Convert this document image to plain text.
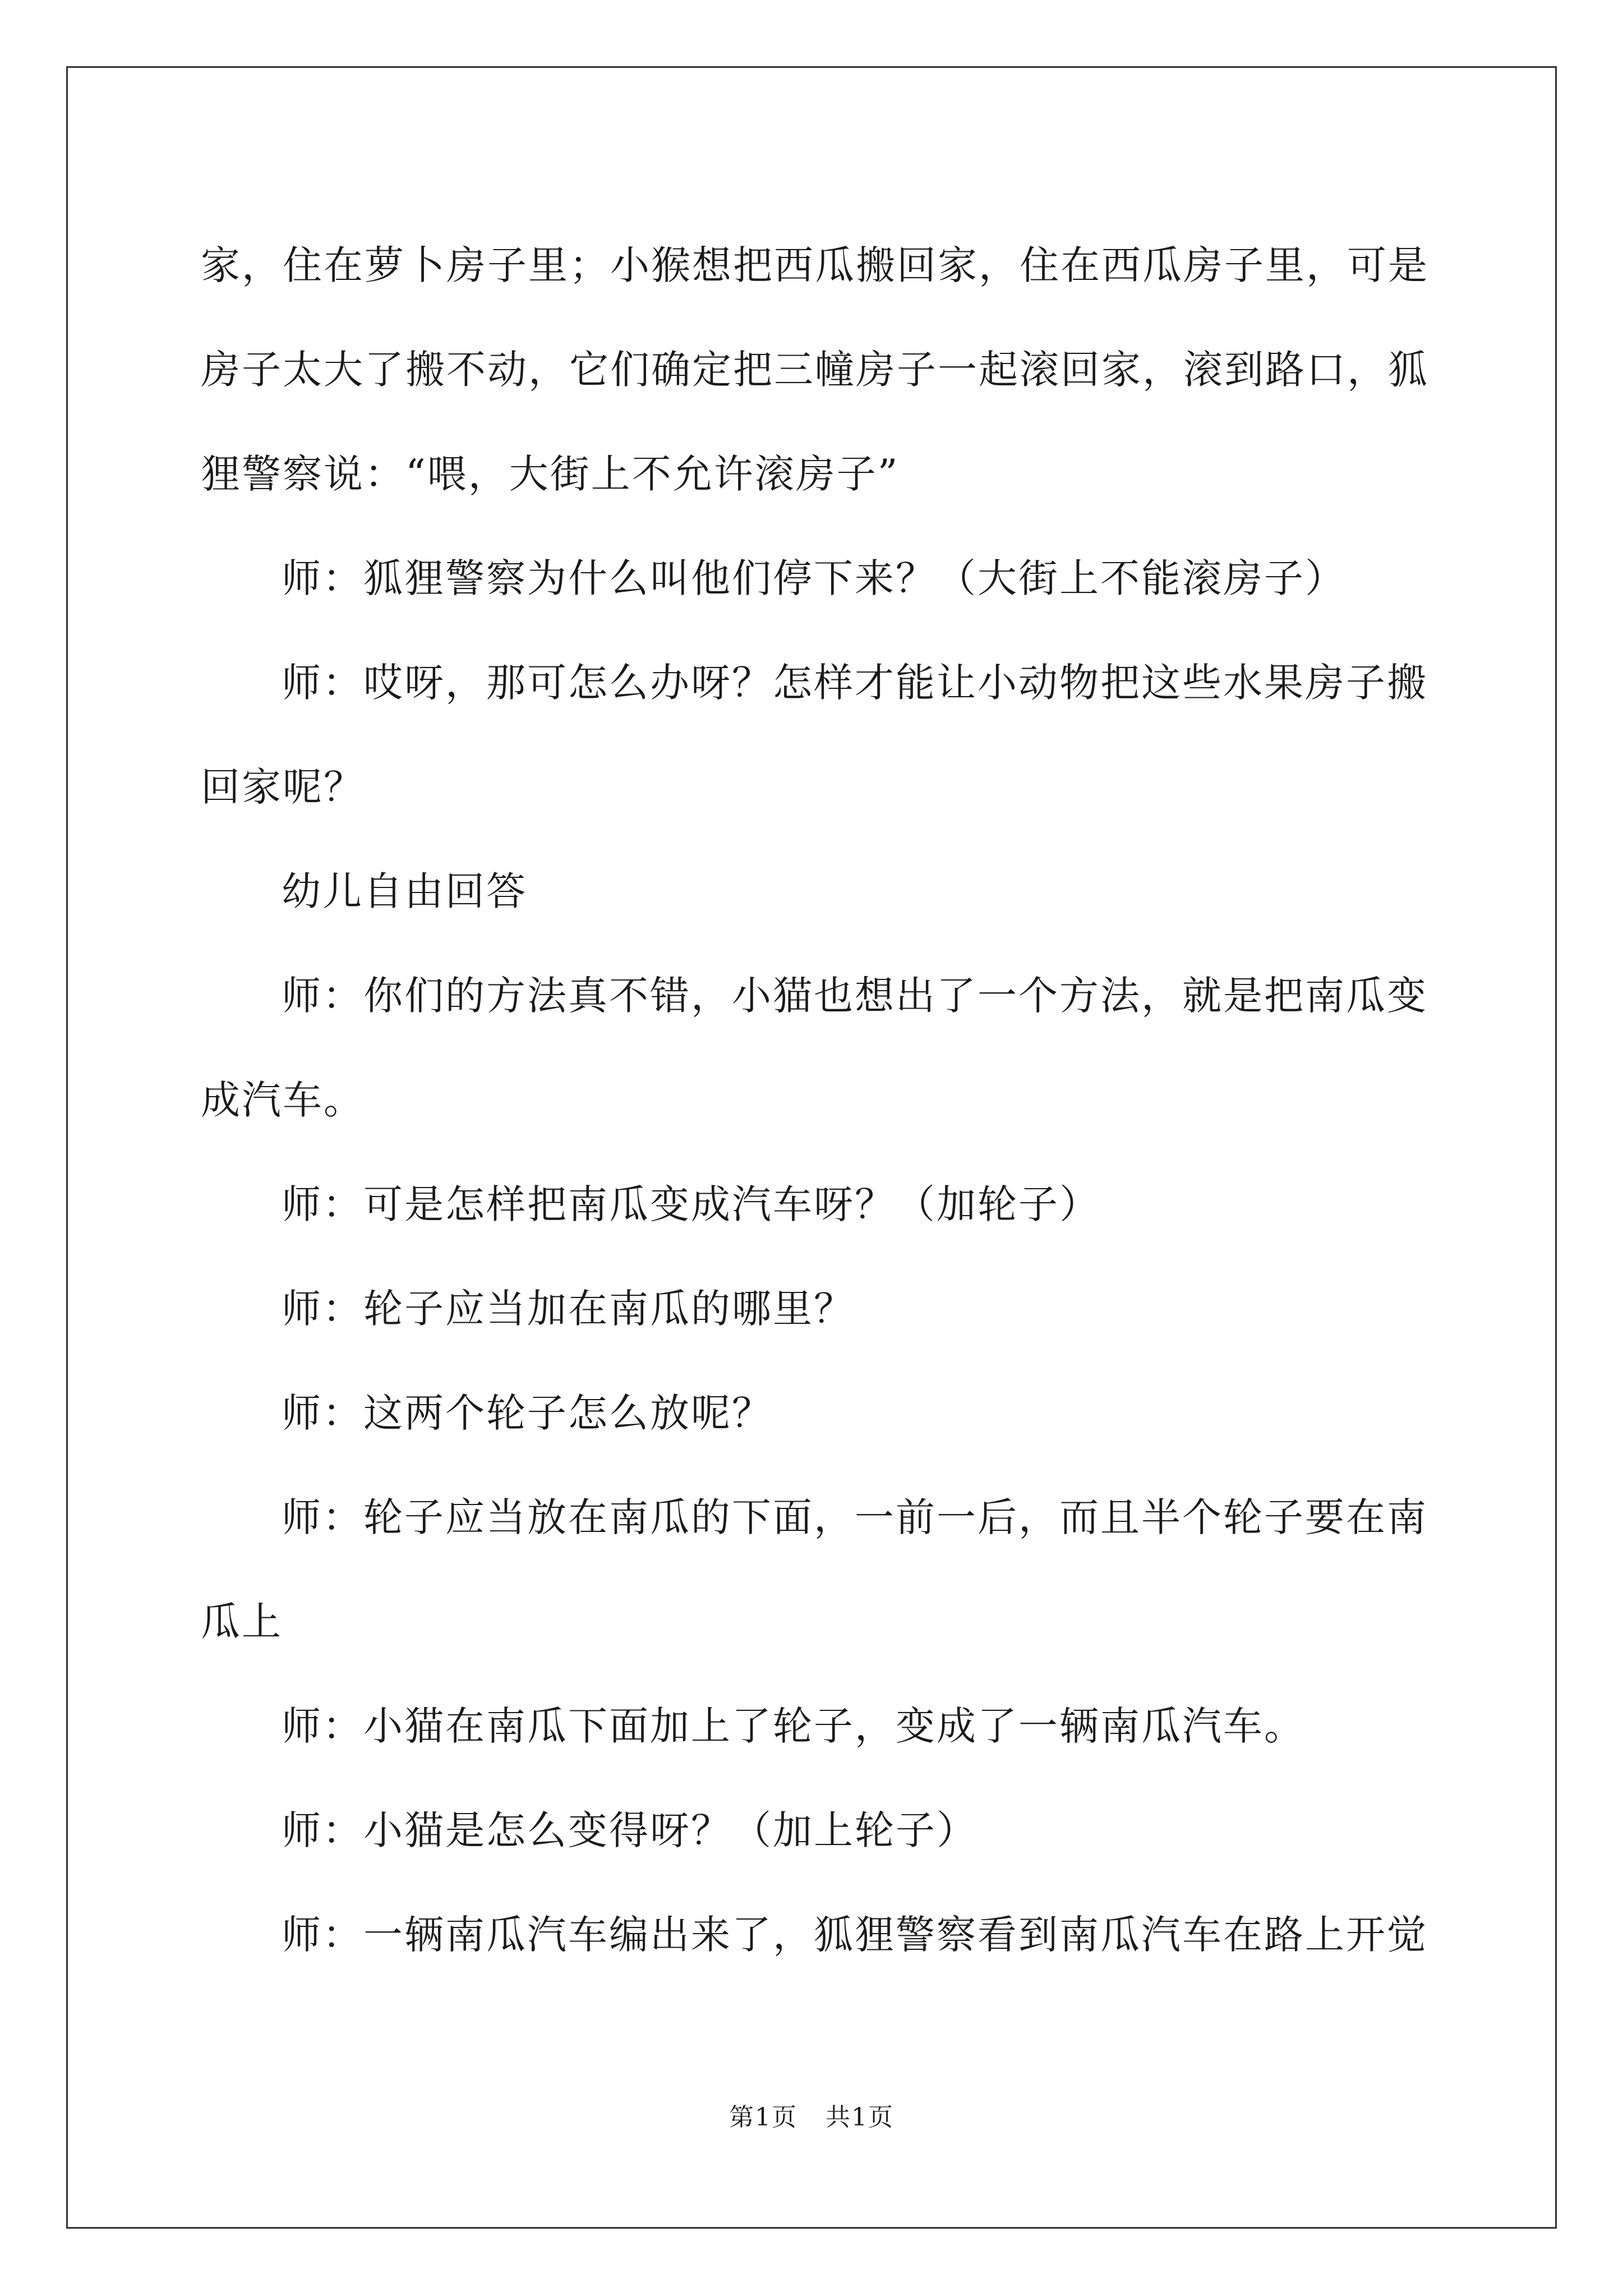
家，住在萝卜房子里；小猴想把西瓜搬回家，住在西瓜房子里，可是
房子太大了搬不动，它们确定把三幢房子一起滚回家，滚到路口，狐
狸警察说：“喂，大街上不允许滚房子”

师：狐狸警察为什么叫他们停下来？（大街上不能滚房子）

师：哎呀，那可怎么办呀？怎样才能让小动物把这些水果房子搬
回家呢？

幼儿自由回答

师：你们的方法真不错，小猫也想出了一个方法，就是把南瓜变
成汽车。

师：可是怎样把南瓜变成汽车呀？（加轮子）

师：轮子应当加在南瓜的哪里？

师：这两个轮子怎么放呢？

师：轮子应当放在南瓜的下面，一前一后，而且半个轮子要在南
瓜上

师：小猫在南瓜下面加上了轮子，变成了一辆南瓜汽车。

师：小猫是怎么变得呀？（加上轮子）

师：一辆南瓜汽车编出来了，狐狸警察看到南瓜汽车在路上开觉

第1页 共1页
